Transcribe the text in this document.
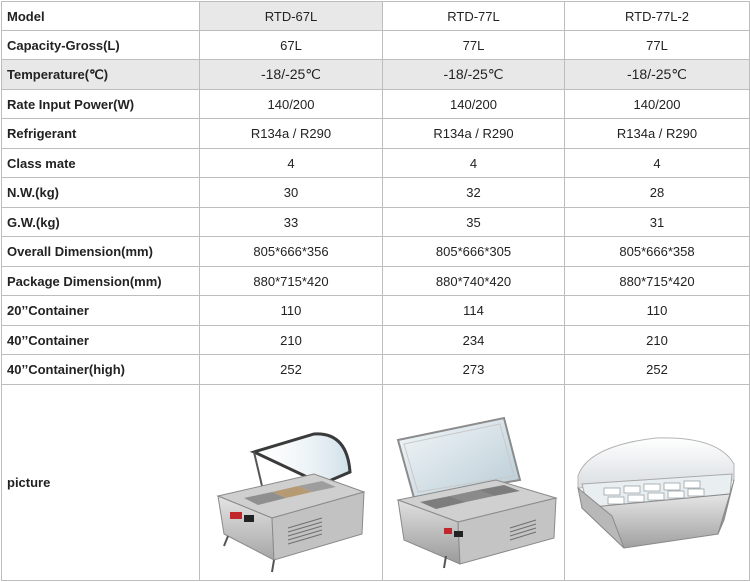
Model	RTD-67L	RTD-77L	RTD-77L-2
Capacity-Gross(L)	67L	77L	77L
Temperature(℃)	-18/-25℃	-18/-25℃	-18/-25℃
Rate Input Power(W)	140/200	140/200	140/200
Refrigerant	R134a / R290	R134a / R290	R134a / R290
Class mate	4	4	4
N.W.(kg)	30	32	28
G.W.(kg)	33	35	31
Overall Dimension(mm)	805*666*356	805*666*305	805*666*358
Package Dimension(mm)	880*715*420	880*740*420	880*715*420
20’’Container	110	114	110
40’’Container	210	234	210
40’’Container(high)	252	273	252
picture	
